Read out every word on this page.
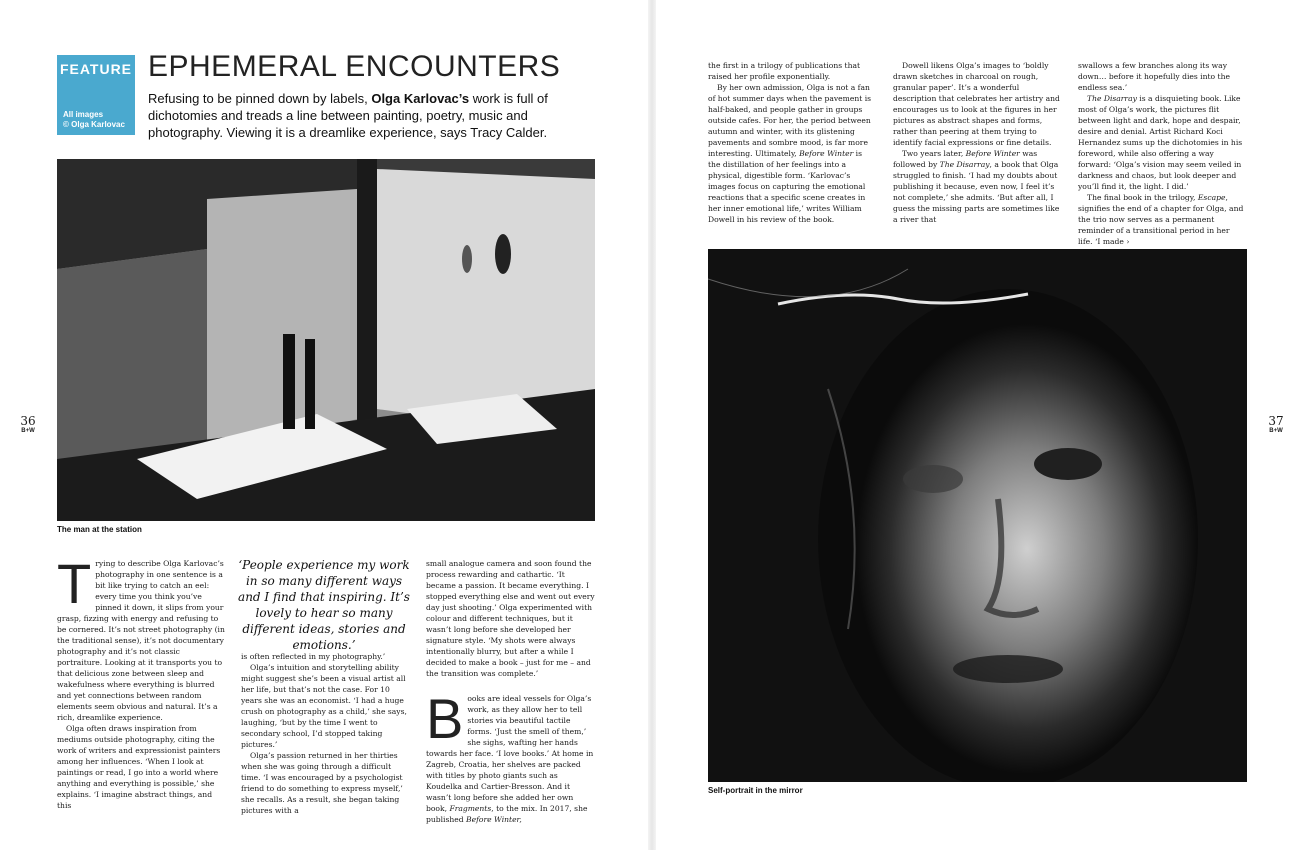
FEATURE
All images
© Olga Karlovac
EPHEMERAL ENCOUNTERS
Refusing to be pinned down by labels, Olga Karlovac’s work is full of dichotomies and treads a line between painting, poetry, music and photography. Viewing it is a dreamlike experience, says Tracy Calder.
The man at the station
Self-portrait in the mirror
36
B+W
37
B+W

Trying to describe Olga Karlovac’s photography in one sentence is a bit like trying to catch an eel: every time you think you’ve pinned it down, it slips from your grasp, fizzing with energy and refusing to be cornered. It’s not street photography (in the traditional sense), it’s not documentary photography and it’s not classic portraiture. Looking at it transports you to that delicious zone between sleep and wakefulness where everything is blurred and yet connections between random elements seem obvious and natural. It’s a rich, dreamlike experience.

Olga often draws inspiration from mediums outside photography, citing the work of writers and expressionist painters among her influences. ‘When I look at paintings or read, I go into a world where anything and everything is possible,’ she explains. ‘I imagine abstract things, and this

‘People experience my work in so many different ways and I find that inspiring. It’s lovely to hear so many different ideas, stories and emotions.’

is often reflected in my photography.’

Olga’s intuition and storytelling ability might suggest she’s been a visual artist all her life, but that’s not the case. For 10 years she was an economist. ‘I had a huge crush on photography as a child,’ she says, laughing, ‘but by the time I went to secondary school, I’d stopped taking pictures.’

Olga’s passion returned in her thirties when she was going through a difficult time. ‘I was encouraged by a psychologist friend to do something to express myself,’ she recalls. As a result, she began taking pictures with a

small analogue camera and soon found the process rewarding and cathartic. ‘It became a passion. It became everything. I stopped everything else and went out every day just shooting.’ Olga experimented with colour and different techniques, but it wasn’t long before she developed her signature style. ‘My shots were always intentionally blurry, but after a while I decided to make a book – just for me – and the transition was complete.’

Books are ideal vessels for Olga’s work, as they allow her to tell stories via beautiful tactile forms. ‘Just the smell of them,’ she sighs, wafting her hands towards her face. ‘I love books.’ At home in Zagreb, Croatia, her shelves are packed with titles by photo giants such as Koudelka and Cartier-Bresson. And it wasn’t long before she added her own book, Fragments, to the mix. In 2017, she published Before Winter,

the first in a trilogy of publications that raised her profile exponentially.

By her own admission, Olga is not a fan of hot summer days when the pavement is half-baked, and people gather in groups outside cafes. For her, the period between autumn and winter, with its glistening pavements and sombre mood, is far more interesting. Ultimately, Before Winter is the distillation of her feelings into a physical, digestible form. ‘Karlovac’s images focus on capturing the emotional reactions that a specific scene creates in her inner emotional life,’ writes William Dowell in his review of the book.

Dowell likens Olga’s images to ‘boldly drawn sketches in charcoal on rough, granular paper’. It’s a wonderful description that celebrates her artistry and encourages us to look at the figures in her pictures as abstract shapes and forms, rather than peering at them trying to identify facial expressions or fine details.

Two years later, Before Winter was followed by The Disarray, a book that Olga struggled to finish. ‘I had my doubts about publishing it because, even now, I feel it’s not complete,’ she admits. ‘But after all, I guess the missing parts are sometimes like a river that

swallows a few branches along its way down… before it hopefully dies into the endless sea.’

The Disarray is a disquieting book. Like most of Olga’s work, the pictures flit between light and dark, hope and despair, desire and denial. Artist Richard Koci Hernandez sums up the dichotomies in his foreword, while also offering a way forward: ‘Olga’s vision may seem veiled in darkness and chaos, but look deeper and you’ll find it, the light. I did.’

The final book in the trilogy, Escape, signifies the end of a chapter for Olga, and the trio now serves as a permanent reminder of a transitional period in her life. ‘I made ›
